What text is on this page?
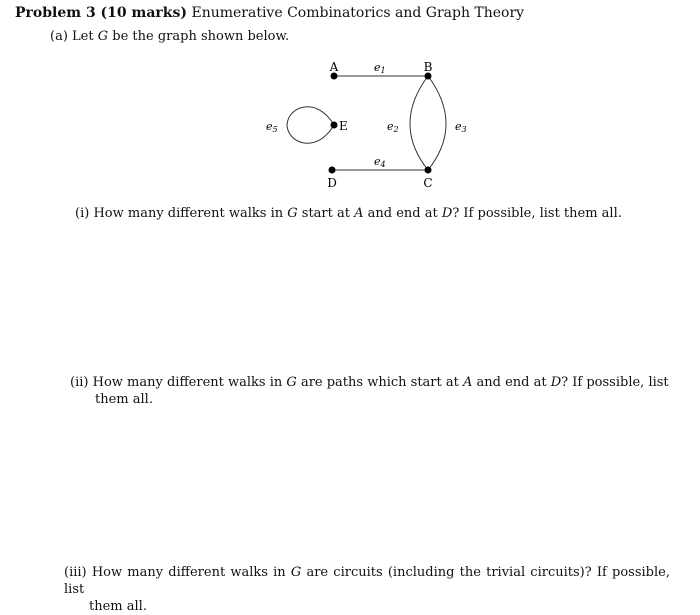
Problem 3 (10 marks) Enumerative Combinatorics and Graph Theory
(a) Let G be the graph shown below.
A	B
C
D
E
e1
e2	e3
e4
e5
(i) How many different walks in G start at A and end at D? If possible, list them all.
(ii) How many different walks in G are paths which start at A and end at D? If possible, list
them all.
(iii) How many different walks in G are circuits (including the trivial circuits)? If possible, list
them all.
